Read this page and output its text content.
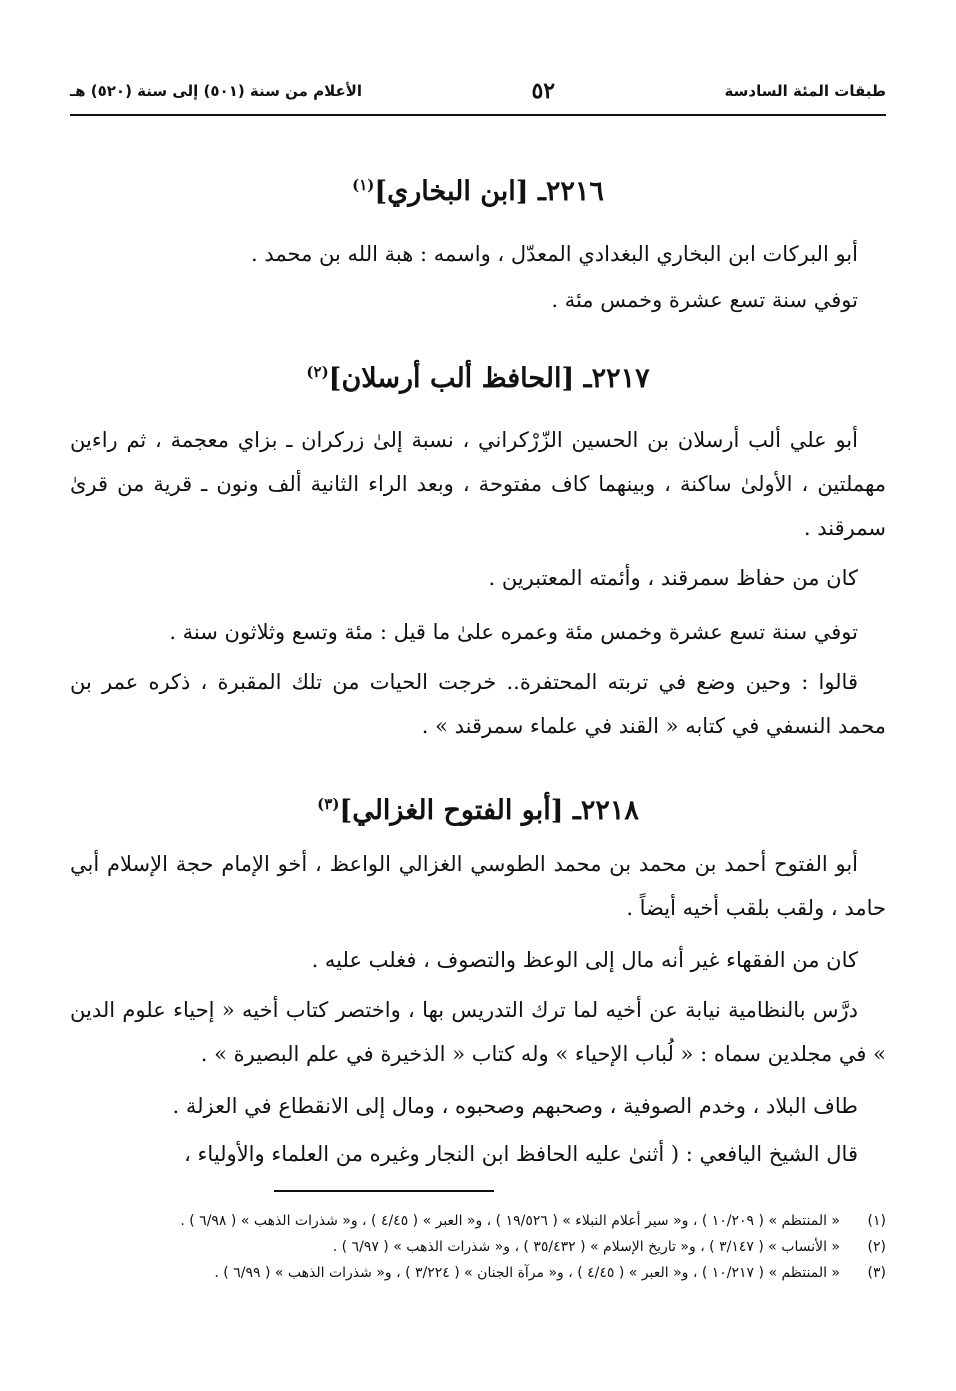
طبقات المئة السادسة
٥٢
الأعلام من سنة (٥٠١) إلى سنة (٥٢٠) هـ
٢٢١٦ـ [ابن البخاري]$^{(١)}$

أبو البركات ابن البخاري البغدادي المعدّل ، واسمه : هبة الله بن محمد .

توفي سنة تسع عشرة وخمس مئة .

٢٢١٧ـ [الحافظ ألب أرسلان]$^{(٢)}$

أبو علي ألب أرسلان بن الحسين الزّرْكراني ، نسبة إلىٰ زركران ـ بزاي معجمة ، ثم راءين مهملتين ، الأولىٰ ساكنة ، وبينهما كاف مفتوحة ، وبعد الراء الثانية ألف ونون ـ قرية من قرىٰ سمرقند .

كان من حفاظ سمرقند ، وأئمته المعتبرين .

توفي سنة تسع عشرة وخمس مئة وعمره علىٰ ما قيل : مئة وتسع وثلاثون سنة .

قالوا : وحين وضع في تربته المحتفرة.. خرجت الحيات من تلك المقبرة ، ذكره عمر بن محمد النسفي في كتابه « القند في علماء سمرقند » .

٢٢١٨ـ [أبو الفتوح الغزالي]$^{(٣)}$

أبو الفتوح أحمد بن محمد بن محمد الطوسي الغزالي الواعظ ، أخو الإمام حجة الإسلام أبي حامد ، ولقب بلقب أخيه أيضاً .

كان من الفقهاء غير أنه مال إلى الوعظ والتصوف ، فغلب عليه .

درَّس بالنظامية نيابة عن أخيه لما ترك التدريس بها ، واختصر كتاب أخيه « إحياء علوم الدين » في مجلدين سماه : « لُباب الإحياء » وله كتاب « الذخيرة في علم البصيرة » .

طاف البلاد ، وخدم الصوفية ، وصحبهم وصحبوه ، ومال إلى الانقطاع في العزلة .

قال الشيخ اليافعي : ( أثنىٰ عليه الحافظ ابن النجار وغيره من العلماء والأولياء ،

(١)
« المنتظم » ( ١٠/٢٠٩ ) ، و« سير أعلام النبلاء » ( ١٩/٥٢٦ ) ، و« العبر » ( ٤/٤٥ ) ، و« شذرات الذهب » ( ٦/٩٨ ) .
(٢)
« الأنساب » ( ٣/١٤٧ ) ، و« تاريخ الإسلام » ( ٣٥/٤٣٢ ) ، و« شذرات الذهب » ( ٦/٩٧ ) .
(٣)
« المنتظم » ( ١٠/٢١٧ ) ، و« العبر » ( ٤/٤٥ ) ، و« مرآة الجنان » ( ٣/٢٢٤ ) ، و« شذرات الذهب » ( ٦/٩٩ ) .
